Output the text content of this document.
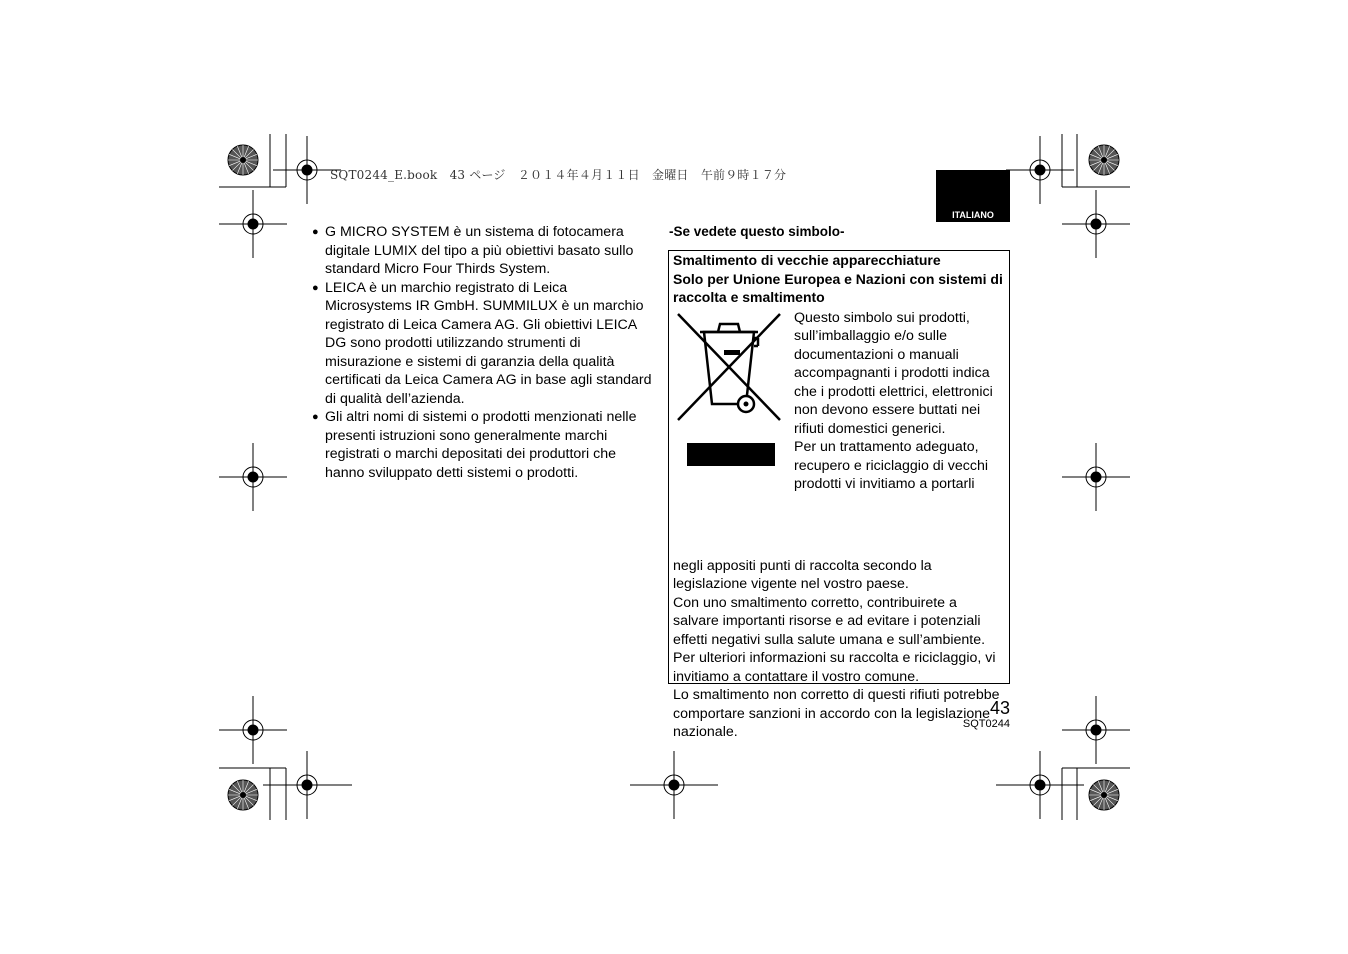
SQT0244_E.book　43 ページ　２０１４年４月１１日　金曜日　午前９時１７分
ITALIANO
● G MICRO SYSTEM è un sistema di fotocamera digitale LUMIX del tipo a più obiettivi basato sullo standard Micro Four Thirds System.
● LEICA è un marchio registrato di Leica Microsystems IR GmbH. SUMMILUX è un marchio registrato di Leica Camera AG. Gli obiettivi LEICA DG sono prodotti utilizzando strumenti di misurazione e sistemi di garanzia della qualità certificati da Leica Camera AG in base agli standard di qualità dell’azienda.
● Gli altri nomi di sistemi o prodotti menzionati nelle presenti istruzioni sono generalmente marchi registrati o marchi depositati dei produttori che hanno sviluppato detti sistemi o prodotti.
-Se vedete questo simbolo-
Smaltimento di vecchie apparecchiature
Solo per Unione Europea e Nazioni con sistemi di raccolta e smaltimento
Questo simbolo sui prodotti, sull’imballaggio e/o sulle documentazioni o manuali accompagnanti i prodotti indica che i prodotti elettrici, elettronici non devono essere buttati nei rifiuti domestici generici.
Per un trattamento adeguato, recupero e riciclaggio di vecchi prodotti vi invitiamo a portarli
negli appositi punti di raccolta secondo la legislazione vigente nel vostro paese.
Con uno smaltimento corretto, contribuirete a salvare importanti risorse e ad evitare i potenziali effetti negativi sulla salute umana e sull’ambiente.
Per ulteriori informazioni su raccolta e riciclaggio, vi invitiamo a contattare il vostro comune.
Lo smaltimento non corretto di questi rifiuti potrebbe comportare sanzioni in accordo con la legislazione nazionale.
43
SQT0244
